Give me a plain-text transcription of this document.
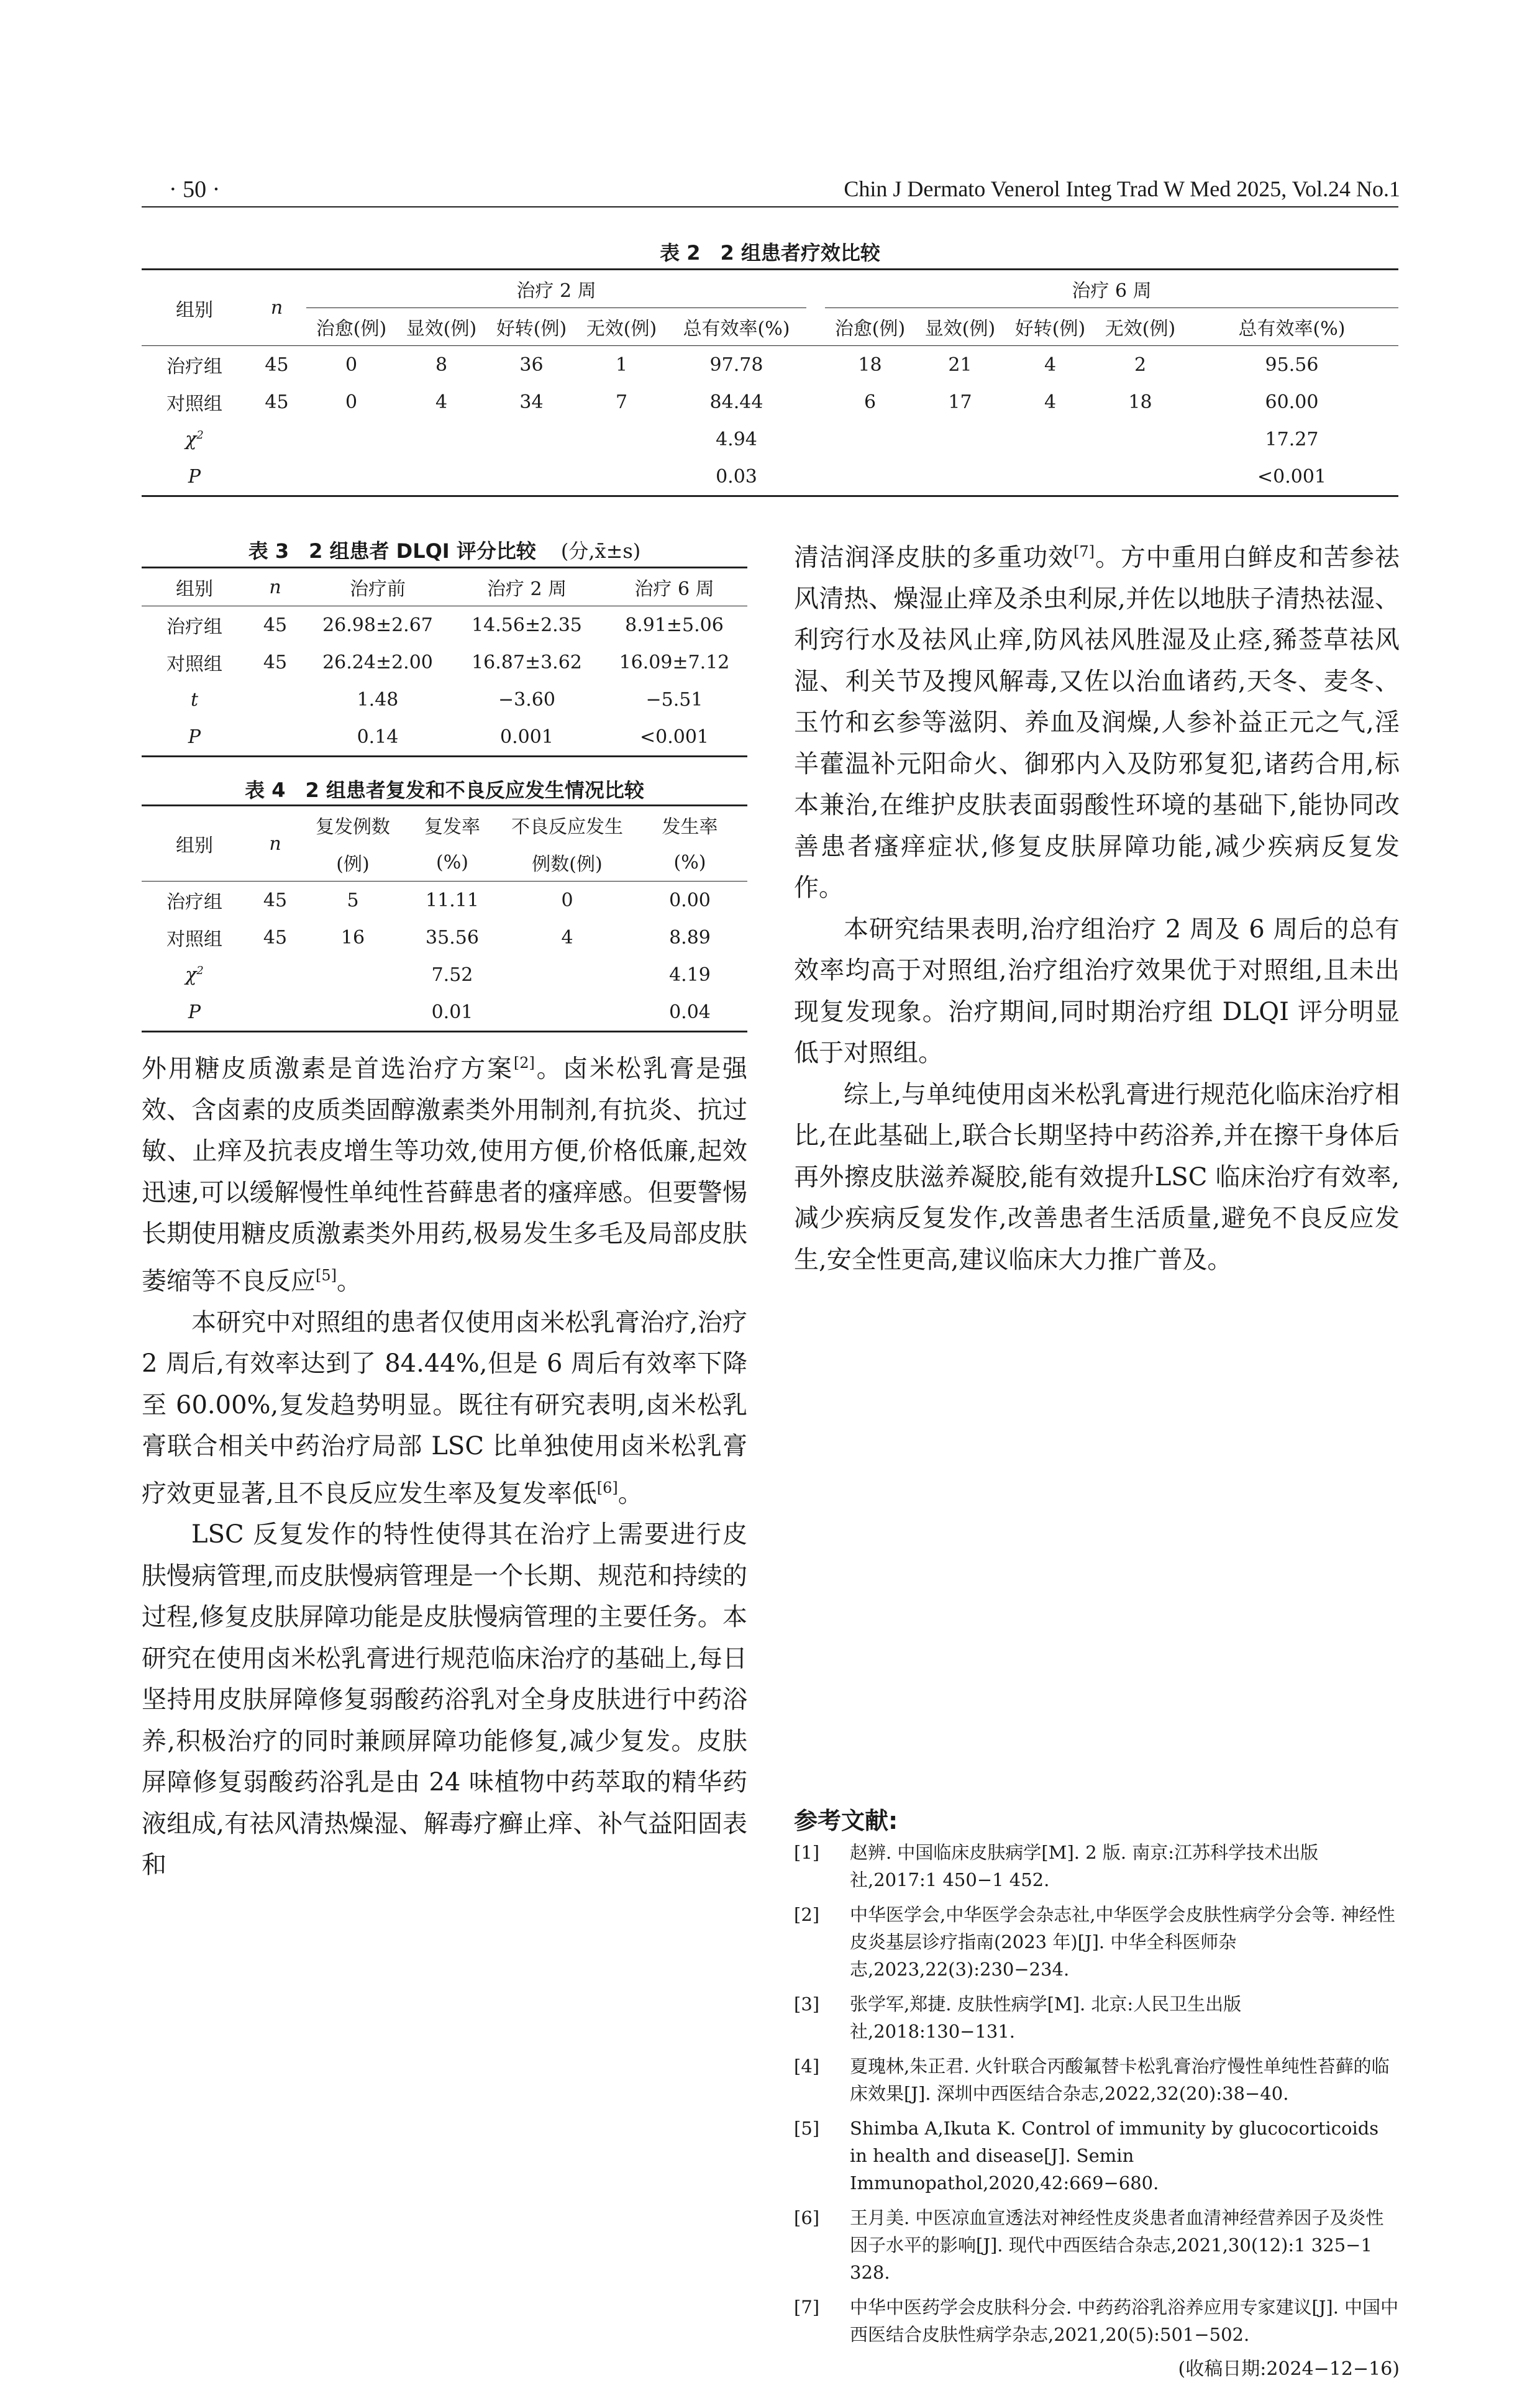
· 50 ·	Chin J Dermato Venerol Integ Trad W Med 2025, Vol.24 No.1
表 2　2 组患者疗效比较
组别	n	治疗 2 周						治疗 6 周				
		治愈(例)	显效(例)	好转(例)	无效(例)	总有效率(%)		治愈(例)	显效(例)	好转(例)	无效(例)	总有效率(%)
治疗组	45	0	8	36	1	97.78		18	21	4	2	95.56
对照组	45	0	4	34	7	84.44		6	17	4	18	60.00
$\chi^2$						4.94						17.27
P						0.03						<0.001
表 3　2 组患者 DLQI 评分比较 (分,x̄±s)
组别	n	治疗前	治疗 2 周	治疗 6 周
治疗组	45	26.98±2.67	14.56±2.35	8.91±5.06
对照组	45	26.24±2.00	16.87±3.62	16.09±7.12
t		1.48	−3.60	−5.51
P		0.14	0.001	<0.001
表 4　2 组患者复发和不良反应发生情况比较
组别	n	复发例数	复发率	不良反应发生	发生率
		(例)	(%)	例数(例)	(%)
治疗组	45	5	11.11	0	0.00
对照组	45	16	35.56	4	8.89
$\chi^2$			7.52		4.19
P			0.01		0.04

外用糖皮质激素是首选治疗方案[2]。卤米松乳膏是强效、含卤素的皮质类固醇激素类外用制剂,有抗炎、抗过敏、止痒及抗表皮增生等功效,使用方便,价格低廉,起效迅速,可以缓解慢性单纯性苔藓患者的瘙痒感。但要警惕长期使用糖皮质激素类外用药,极易发生多毛及局部皮肤萎缩等不良反应[5]。

本研究中对照组的患者仅使用卤米松乳膏治疗,治疗 2 周后,有效率达到了 84.44%,但是 6 周后有效率下降至 60.00%,复发趋势明显。既往有研究表明,卤米松乳膏联合相关中药治疗局部 LSC 比单独使用卤米松乳膏疗效更显著,且不良反应发生率及复发率低[6]。

LSC 反复发作的特性使得其在治疗上需要进行皮肤慢病管理,而皮肤慢病管理是一个长期、规范和持续的过程,修复皮肤屏障功能是皮肤慢病管理的主要任务。本研究在使用卤米松乳膏进行规范临床治疗的基础上,每日坚持用皮肤屏障修复弱酸药浴乳对全身皮肤进行中药浴养,积极治疗的同时兼顾屏障功能修复,减少复发。皮肤屏障修复弱酸药浴乳是由 24 味植物中药萃取的精华药液组成,有祛风清热燥湿、解毒疗癣止痒、补气益阳固表和

清洁润泽皮肤的多重功效[7]。方中重用白鲜皮和苦参祛风清热、燥湿止痒及杀虫利尿,并佐以地肤子清热祛湿、利窍行水及祛风止痒,防风祛风胜湿及止痉,豨莶草祛风湿、利关节及搜风解毒,又佐以治血诸药,天冬、麦冬、玉竹和玄参等滋阴、养血及润燥,人参补益正元之气,淫羊藿温补元阳命火、御邪内入及防邪复犯,诸药合用,标本兼治,在维护皮肤表面弱酸性环境的基础下,能协同改善患者瘙痒症状,修复皮肤屏障功能,减少疾病反复发作。

本研究结果表明,治疗组治疗 2 周及 6 周后的总有效率均高于对照组,治疗组治疗效果优于对照组,且未出现复发现象。治疗期间,同时期治疗组 DLQI 评分明显低于对照组。

综上,与单纯使用卤米松乳膏进行规范化临床治疗相比,在此基础上,联合长期坚持中药浴养,并在擦干身体后再外擦皮肤滋养凝胶,能有效提升LSC 临床治疗有效率,减少疾病反复发作,改善患者生活质量,避免不良反应发生,安全性更高,建议临床大力推广普及。

参考文献:
[1]	赵辨. 中国临床皮肤病学[M]. 2 版. 南京:江苏科学技术出版社,2017:1 450−1 452.
[2]	中华医学会,中华医学会杂志社,中华医学会皮肤性病学分会等. 神经性皮炎基层诊疗指南(2023 年)[J]. 中华全科医师杂志,2023,22(3):230−234.
[3]	张学军,郑捷. 皮肤性病学[M]. 北京:人民卫生出版社,2018:130−131.
[4]	夏瑰林,朱正君. 火针联合丙酸氟替卡松乳膏治疗慢性单纯性苔藓的临床效果[J]. 深圳中西医结合杂志,2022,32(20):38−40.
[5]	Shimba A,Ikuta K. Control of immunity by glucocorticoids in health and disease[J]. Semin Immunopathol,2020,42:669−680.
[6]	王月美. 中医凉血宣透法对神经性皮炎患者血清神经营养因子及炎性因子水平的影响[J]. 现代中西医结合杂志,2021,30(12):1 325−1 328.
[7]	中华中医药学会皮肤科分会. 中药药浴乳浴养应用专家建议[J]. 中国中西医结合皮肤性病学杂志,2021,20(5):501−502.
(收稿日期:2024−12−16)
